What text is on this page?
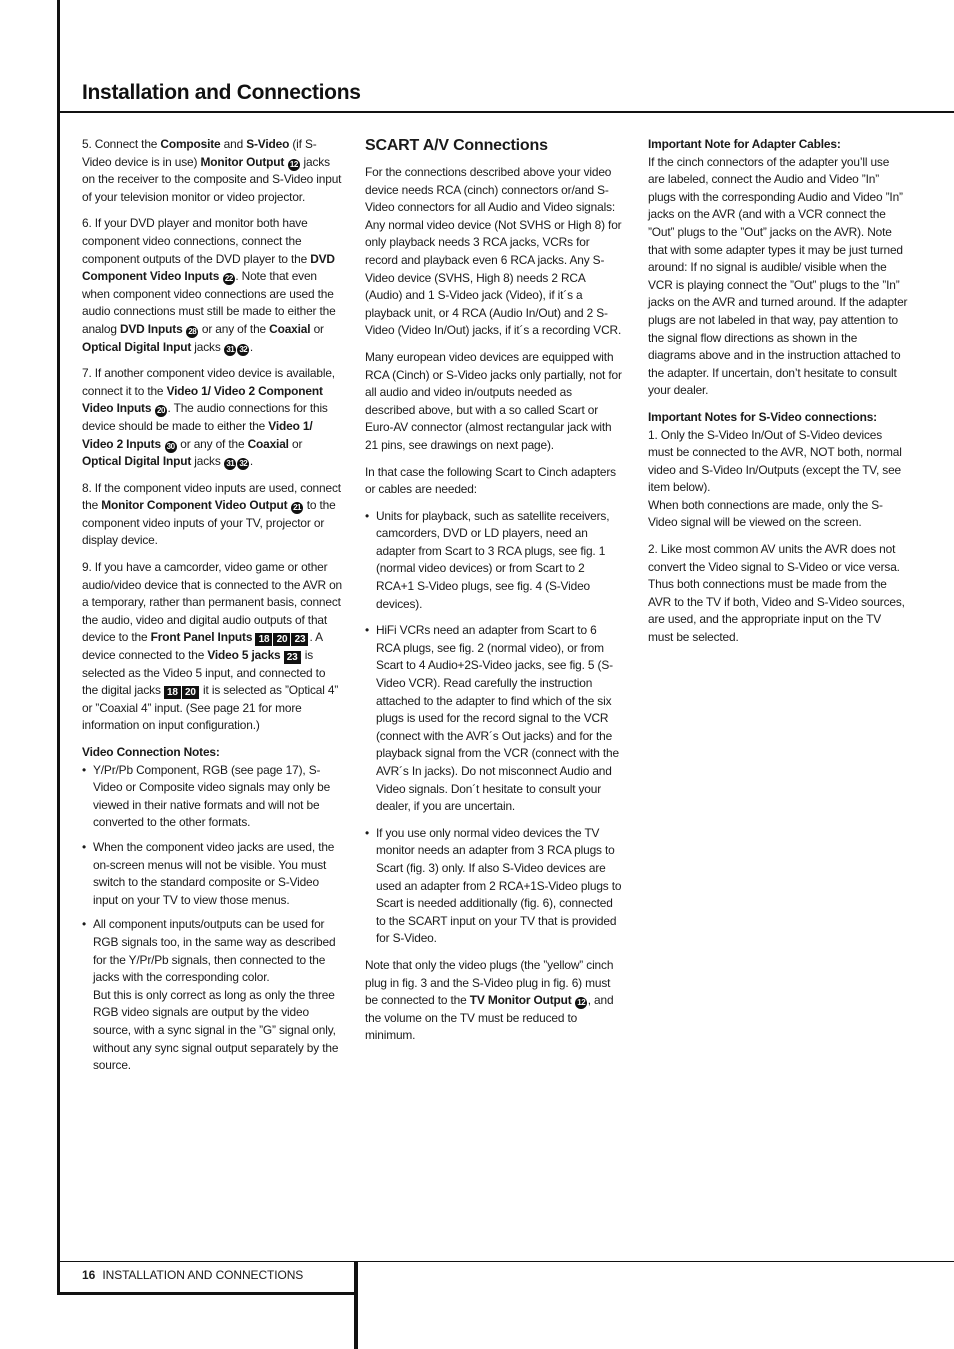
Installation and Connections

5. Connect the Composite and S-Video (if S-Video device is in use) Monitor Output 12 jacks on the receiver to the composite and S-Video input of your television monitor or video projector.

6. If your DVD player and monitor both have component video connections, connect the component outputs of the DVD player to the DVD Component Video Inputs 22 . Note that even when component video connections are used the audio connections must still be made to either the analog DVD Inputs 28 or any of the Coaxial or Optical Digital Input jacks 31 32 .

7. If another component video device is available, connect it to the Video 1/ Video 2 Component Video Inputs 20 . The audio connections for this device should be made to either the Video 1/ Video 2 Inputs 30 or any of the Coaxial or Optical Digital Input jacks 31 32 .

8. If the component video inputs are used, connect the Monitor Component Video Output 21 to the component video inputs of your TV, projector or display device.

9. If you have a camcorder, video game or other audio/video device that is connected to the AVR on a temporary, rather than permanent basis, connect the audio, video and digital audio outputs of that device to the Front Panel Inputs 18 20 23 . A device connected to the Video 5 jacks 23 is selected as the Video 5 input, and connected to the digital jacks 18 20 it is selected as ”Optical 4” or ”Coaxial 4” input. (See page 21 for more information on input configuration.)

Video Connection Notes:
• Y/Pr/Pb Component, RGB (see page 17), S-Video or Composite video signals may only be viewed in their native formats and will not be converted to the other formats.
• When the component video jacks are used, the on-screen menus will not be visible. You must switch to the standard composite or S-Video input on your TV to view those menus.
• All component inputs/outputs can be used for RGB signals too, in the same way as described for the Y/Pr/Pb signals, then connected to the jacks with the corresponding color.
But this is only correct as long as only the three RGB video signals are output by the video source, with a sync signal in the ”G” signal only, without any sync signal output separately by the source.
SCART A/V Connections

For the connections described above your video device needs RCA (cinch) connectors or/and S-Video connectors for all Audio and Video signals: Any normal video device (Not SVHS or High 8) for only playback needs 3 RCA jacks, VCRs for record and playback even 6 RCA jacks. Any S-Video device (SVHS, High 8) needs 2 RCA (Audio) and 1 S-Video jack (Video), if it´s a playback unit, or 4 RCA (Audio In/Out) and 2 S-Video (Video In/Out) jacks, if it´s a recording VCR.

Many european video devices are equipped with RCA (Cinch) or S-Video jacks only partially, not for all audio and video in/outputs needed as described above, but with a so called Scart or Euro-AV connector (almost rectangular jack with 21 pins, see drawings on next page).

In that case the following Scart to Cinch adapters or cables are needed:

• Units for playback, such as satellite receivers, camcorders, DVD or LD players, need an adapter from Scart to 3 RCA plugs, see fig. 1 (normal video devices) or from Scart to 2 RCA+1 S-Video plugs, see fig. 4 (S-Video devices).
• HiFi VCRs need an adapter from Scart to 6 RCA plugs, see fig. 2 (normal video), or from Scart to 4 Audio+2S-Video jacks, see fig. 5 (S-Video VCR). Read carefully the instruction attached to the adapter to find which of the six plugs is used for the record signal to the VCR (connect with the AVR´s Out jacks) and for the playback signal from the VCR (connect with the AVR´s In jacks). Do not misconnect Audio and Video signals. Don´t hesitate to consult your dealer, if you are uncertain.
• If you use only normal video devices the TV monitor needs an adapter from 3 RCA plugs to Scart (fig. 3) only. If also S-Video devices are used an adapter from 2 RCA+1S-Video plugs to Scart is needed additionally (fig. 6), connected to the SCART input on your TV that is provided for S-Video.

Note that only the video plugs (the ”yellow” cinch plug in fig. 3 and the S-Video plug in fig. 6) must be connected to the TV Monitor Output 12 , and the volume on the TV must be reduced to minimum.

Important Note for Adapter Cables:

If the cinch connectors of the adapter you’ll use are labeled, connect the Audio and Video ”In” plugs with the corresponding Audio and Video ”In” jacks on the AVR (and with a VCR connect the ”Out” plugs to the ”Out” jacks on the AVR). Note that with some adapter types it may be just turned around: If no signal is audible/ visible when the VCR is playing connect the ”Out” plugs to the ”In” jacks on the AVR and turned around. If the adapter plugs are not labeled in that way, pay attention to the signal flow directions as shown in the diagrams above and in the instruction attached to the adapter. If uncertain, don’t hesitate to consult your dealer.

Important Notes for S-Video connections:

1. Only the S-Video In/Out of S-Video devices must be connected to the AVR, NOT both, normal video and S-Video In/Outputs (except the TV, see item below).
When both connections are made, only the S-Video signal will be viewed on the screen.

2. Like most common AV units the AVR does not convert the Video signal to S-Video or vice versa. Thus both connections must be made from the AVR to the TV if both, Video and S-Video sources, are used, and the appropriate input on the TV must be selected.

16 INSTALLATION AND CONNECTIONS
